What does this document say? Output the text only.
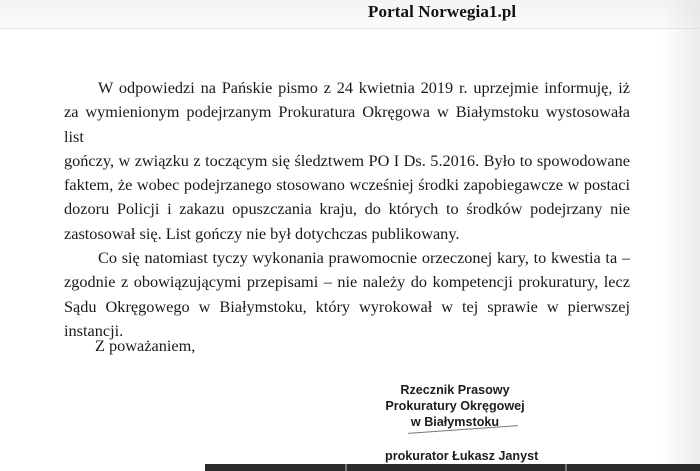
Portal Norwegia1.pl
W odpowiedzi na Pańskie pismo z 24 kwietnia 2019 r. uprzejmie informuję, iż
za wymienionym podejrzanym Prokuratura Okręgowa w Białymstoku wystosowała list
gończy, w związku z toczącym się śledztwem PO I Ds. 5.2016. Było to spowodowane
faktem, że wobec podejrzanego stosowano wcześniej środki zapobiegawcze w postaci
dozoru Policji i zakazu opuszczania kraju, do których to środków podejrzany nie
zastosował się. List gończy nie był dotychczas publikowany.
Co się natomiast tyczy wykonania prawomocnie orzeczonej kary, to kwestia ta –
zgodnie z obowiązującymi przepisami – nie należy do kompetencji prokuratury, lecz
Sądu Okręgowego w Białymstoku, który wyrokował w tej sprawie w pierwszej instancji.
Z poważaniem,
Rzecznik Prasowy
Prokuratury Okręgowej
w Białymstoku
prokurator Łukasz Janyst
